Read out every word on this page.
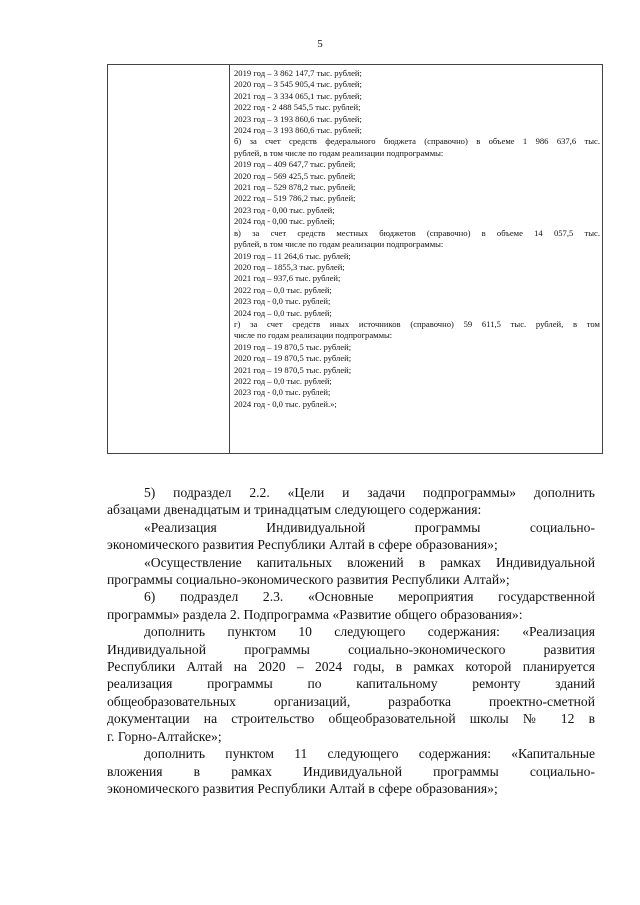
5
2019 год – 3 862 147,7 тыс. рублей;
2020 год – 3 545 905,4 тыс. рублей;
2021 год – 3 334 065,1 тыс. рублей;
2022 год - 2 488 545,5 тыс. рублей;
2023 год – 3 193 860,6 тыс. рублей;
2024 год – 3 193 860,6 тыс. рублей;
б) за счет средств федерального бюджета (справочно) в объеме 1 986 637,6 тыс.
рублей, в том числе по годам реализации подпрограммы:
2019 год – 409 647,7 тыс. рублей;
2020 год – 569 425,5 тыс. рублей;
2021 год – 529 878,2 тыс. рублей;
2022 год – 519 786,2 тыс. рублей;
2023 год - 0,00 тыс. рублей;
2024 год - 0,00 тыс. рублей;
в) за счет средств местных бюджетов (справочно) в объеме 14 057,5 тыс.
рублей, в том числе по годам реализации подпрограммы:
2019 год – 11 264,6 тыс. рублей;
2020 год – 1855,3 тыс. рублей;
2021 год – 937,6 тыс. рублей;
2022 год – 0,0 тыс. рублей;
2023 год - 0,0 тыс. рублей;
2024 год – 0,0 тыс. рублей;
г) за счет средств иных источников (справочно) 59 611,5 тыс. рублей, в том
числе по годам реализации подпрограммы:
2019 год – 19 870,5 тыс. рублей;
2020 год – 19 870,5 тыс. рублей;
2021 год – 19 870,5 тыс. рублей;
2022 год – 0,0 тыс. рублей;
2023 год - 0,0 тыс. рублей;
2024 год - 0,0 тыс. рублей.»;
5) подраздел 2.2. «Цели и задачи подпрограммы» дополнить
абзацами двенадцатым и тринадцатым следующего содержания:
«Реализация Индивидуальной программы социально-
экономического развития Республики Алтай в сфере образования»;
«Осуществление капитальных вложений в рамках Индивидуальной
программы социально-экономического развития Республики Алтай»;
6) подраздел 2.3. «Основные мероприятия государственной
программы» раздела 2. Подпрограмма «Развитие общего образования»:
дополнить пунктом 10 следующего содержания: «Реализация
Индивидуальной программы социально-экономического развития
Республики Алтай на 2020 – 2024 годы, в рамках которой планируется
реализация программы по капитальному ремонту зданий
общеобразовательных организаций, разработка проектно-сметной
документации на строительство общеобразовательной школы № 12 в
г. Горно-Алтайске»;
дополнить пунктом 11 следующего содержания: «Капитальные
вложения в рамках Индивидуальной программы социально-
экономического развития Республики Алтай в сфере образования»;
